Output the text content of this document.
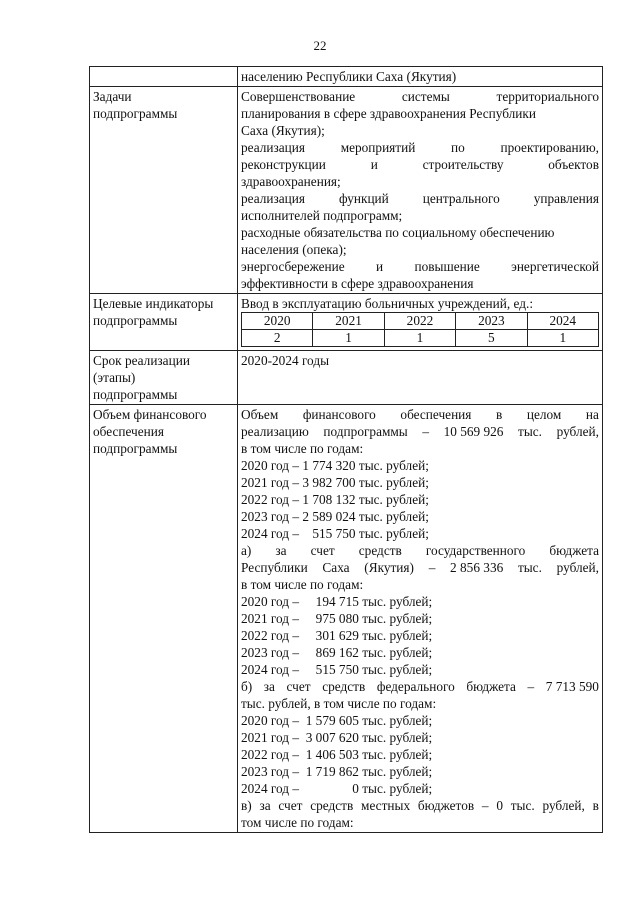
22

населению Республики Саха (Якутия)

Задачи
подпрограммы

Совершенствование	системы	территориального
планирования в сфере здравоохранения Республики
Саха (Якутия);
реализация	мероприятий	по	проектированию,
реконструкции	и	строительству	объектов
здравоохранения;
реализация	функций	центрального	управления
исполнителей подпрограмм;
расходные обязательства по социальному обеспечению
населения (опека);
энергосбережение и повышение энергетической
эффективности в сфере здравоохранения

Целевые индикаторы
подпрограммы

Ввод в эксплуатацию больничных учреждений, ед.:
2020	2021	2022	2023	2024
2	1	1	5	1

Срок реализации
(этапы)
подпрограммы

2020-2024 годы

Объем финансового
обеспечения
подпрограммы

Объем финансового обеспечения в целом на
реализацию подпрограммы – 10 569 926 тыс. рублей,
в том числе по годам:
2020 год – 1 774 320 тыс. рублей;
2021 год – 3 982 700 тыс. рублей;
2022 год – 1 708 132 тыс. рублей;
2023 год – 2 589 024 тыс. рублей;
2024 год –    515 750 тыс. рублей;
а) за счет средств государственного бюджета
Республики Саха (Якутия) – 2 856 336 тыс. рублей,
в том числе по годам:
2020 год –     194 715 тыс. рублей;
2021 год –     975 080 тыс. рублей;
2022 год –     301 629 тыс. рублей;
2023 год –     869 162 тыс. рублей;
2024 год –     515 750 тыс. рублей;
б) за счет средств федерального бюджета – 7 713 590
тыс. рублей, в том числе по годам:
2020 год –  1 579 605 тыс. рублей;
2021 год –  3 007 620 тыс. рублей;
2022 год –  1 406 503 тыс. рублей;
2023 год –  1 719 862 тыс. рублей;
2024 год –                0 тыс. рублей;
в) за счет средств местных бюджетов – 0 тыс. рублей, в
том числе по годам:
